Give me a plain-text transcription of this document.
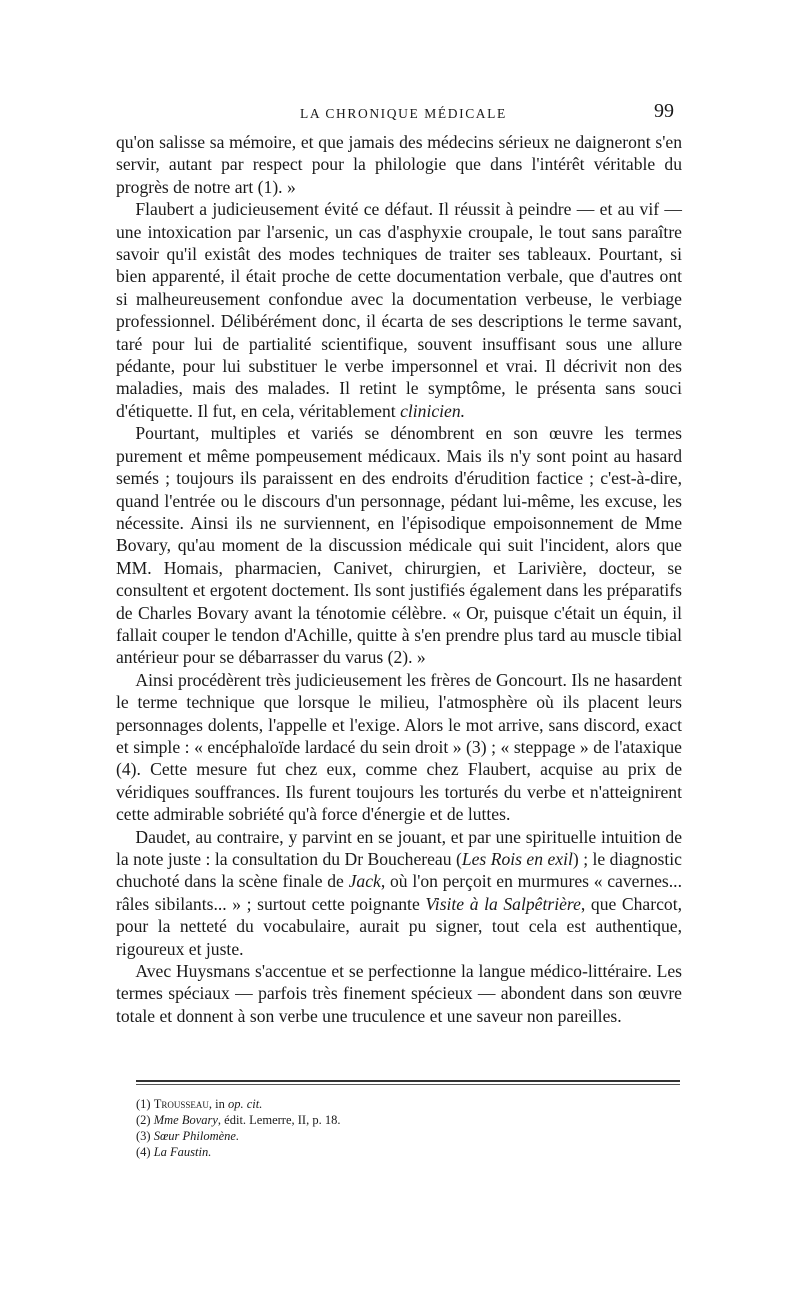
LA CHRONIQUE MÉDICALE	99

qu'on salisse sa mémoire, et que jamais des médecins sérieux ne daigneront s'en servir, autant par respect pour la philologie que dans l'intérêt véritable du progrès de notre art (1). »

Flaubert a judicieusement évité ce défaut. Il réussit à peindre — et au vif — une intoxication par l'arsenic, un cas d'asphyxie croupale, le tout sans paraître savoir qu'il existât des modes techniques de traiter ses tableaux. Pourtant, si bien apparenté, il était proche de cette documentation verbale, que d'autres ont si malheureusement confondue avec la documentation verbeuse, le verbiage professionnel. Délibérément donc, il écarta de ses descriptions le terme savant, taré pour lui de partialité scientifique, souvent insuffisant sous une allure pédante, pour lui substituer le verbe impersonnel et vrai. Il décrivit non des maladies, mais des malades. Il retint le symptôme, le présenta sans souci d'étiquette. Il fut, en cela, véritablement clinicien.

Pourtant, multiples et variés se dénombrent en son œuvre les termes purement et même pompeusement médicaux. Mais ils n'y sont point au hasard semés ; toujours ils paraissent en des endroits d'érudition factice ; c'est-à-dire, quand l'entrée ou le discours d'un personnage, pédant lui-même, les excuse, les nécessite. Ainsi ils ne surviennent, en l'épisodique empoisonnement de Mme Bovary, qu'au moment de la discussion médicale qui suit l'incident, alors que MM. Homais, pharmacien, Canivet, chirurgien, et Larivière, docteur, se consultent et ergotent doctement. Ils sont justifiés également dans les préparatifs de Charles Bovary avant la ténotomie célèbre. « Or, puisque c'était un équin, il fallait couper le tendon d'Achille, quitte à s'en prendre plus tard au muscle tibial antérieur pour se débarrasser du varus (2). »

Ainsi procédèrent très judicieusement les frères de Goncourt. Ils ne hasardent le terme technique que lorsque le milieu, l'atmosphère où ils placent leurs personnages dolents, l'appelle et l'exige. Alors le mot arrive, sans discord, exact et simple : « encéphaloïde lardacé du sein droit » (3) ; « steppage » de l'ataxique (4). Cette mesure fut chez eux, comme chez Flaubert, acquise au prix de véridiques souffrances. Ils furent toujours les torturés du verbe et n'atteignirent cette admirable sobriété qu'à force d'énergie et de luttes.

Daudet, au contraire, y parvint en se jouant, et par une spirituelle intuition de la note juste : la consultation du Dr Bouchereau (Les Rois en exil) ; le diagnostic chuchoté dans la scène finale de Jack, où l'on perçoit en murmures « cavernes... râles sibilants... » ; surtout cette poignante Visite à la Salpêtrière, que Charcot, pour la netteté du vocabulaire, aurait pu signer, tout cela est authentique, rigoureux et juste.

Avec Huysmans s'accentue et se perfectionne la langue médico-littéraire. Les termes spéciaux — parfois très finement spécieux — abondent dans son œuvre totale et donnent à son verbe une truculence et une saveur non pareilles.

(1) Trousseau, in op. cit.
(2) Mme Bovary, édit. Lemerre, II, p. 18.
(3) Sœur Philomène.
(4) La Faustin.
